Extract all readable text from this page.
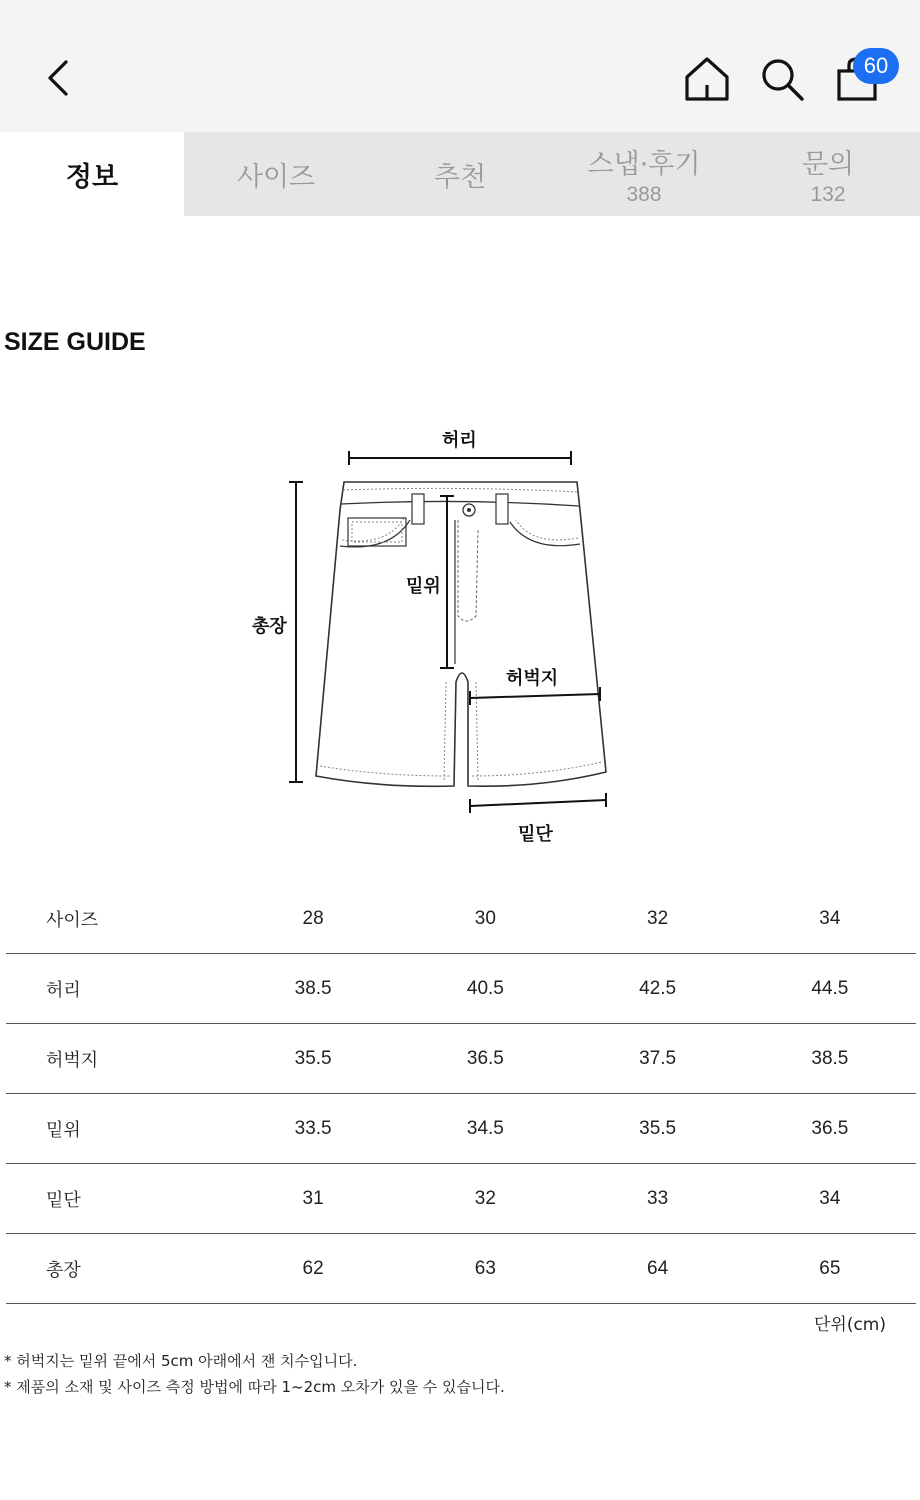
60
정보	사이즈	추천	스냅·후기
388
문의
132
SIZE GUIDE
허리
총장
밑위
허벅지
밑단
사이즈	28	30	32	34
허리	38.5	40.5	42.5	44.5
허벅지	35.5	36.5	37.5	38.5
밑위	33.5	34.5	35.5	36.5
밑단	31	32	33	34
총장	62	63	64	65
단위(cm)
* 허벅지는 밑위 끝에서 5cm 아래에서 잰 치수입니다.
* 제품의 소재 및 사이즈 측정 방법에 따라 1~2cm 오차가 있을 수 있습니다.
